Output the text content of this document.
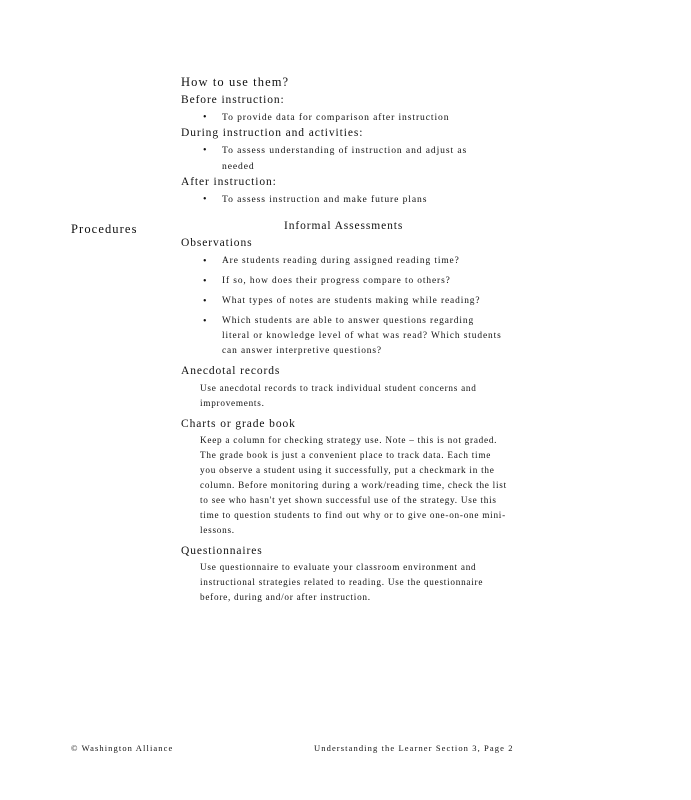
How to use them?
Before instruction:
•	To provide data for comparison after instruction
During instruction and activities:
•	To assess understanding of instruction and adjust as needed
After instruction:
•	To assess instruction and make future plans
Procedures	Informal Assessments
Observations
•	Are students reading during assigned reading time?
•	If so, how does their progress compare to others?
•	What types of notes are students making while reading?
•	Which students are able to answer questions regarding literal or knowledge level of what was read? Which students can answer interpretive questions?
Anecdotal records
Use anecdotal records to track individual student concerns and improvements.
Charts or grade book
Keep a column for checking strategy use. Note – this is not graded. The grade book is just a convenient place to track data. Each time you observe a student using it successfully, put a checkmark in the column. Before monitoring during a work/reading time, check the list to see who hasn't yet shown successful use of the strategy. Use this time to question students to find out why or to give one-on-one mini-lessons.
Questionnaires
Use questionnaire to evaluate your classroom environment and instructional strategies related to reading. Use the questionnaire before, during and/or after instruction.
© Washington Alliance	Understanding the Learner Section 3, Page 2
